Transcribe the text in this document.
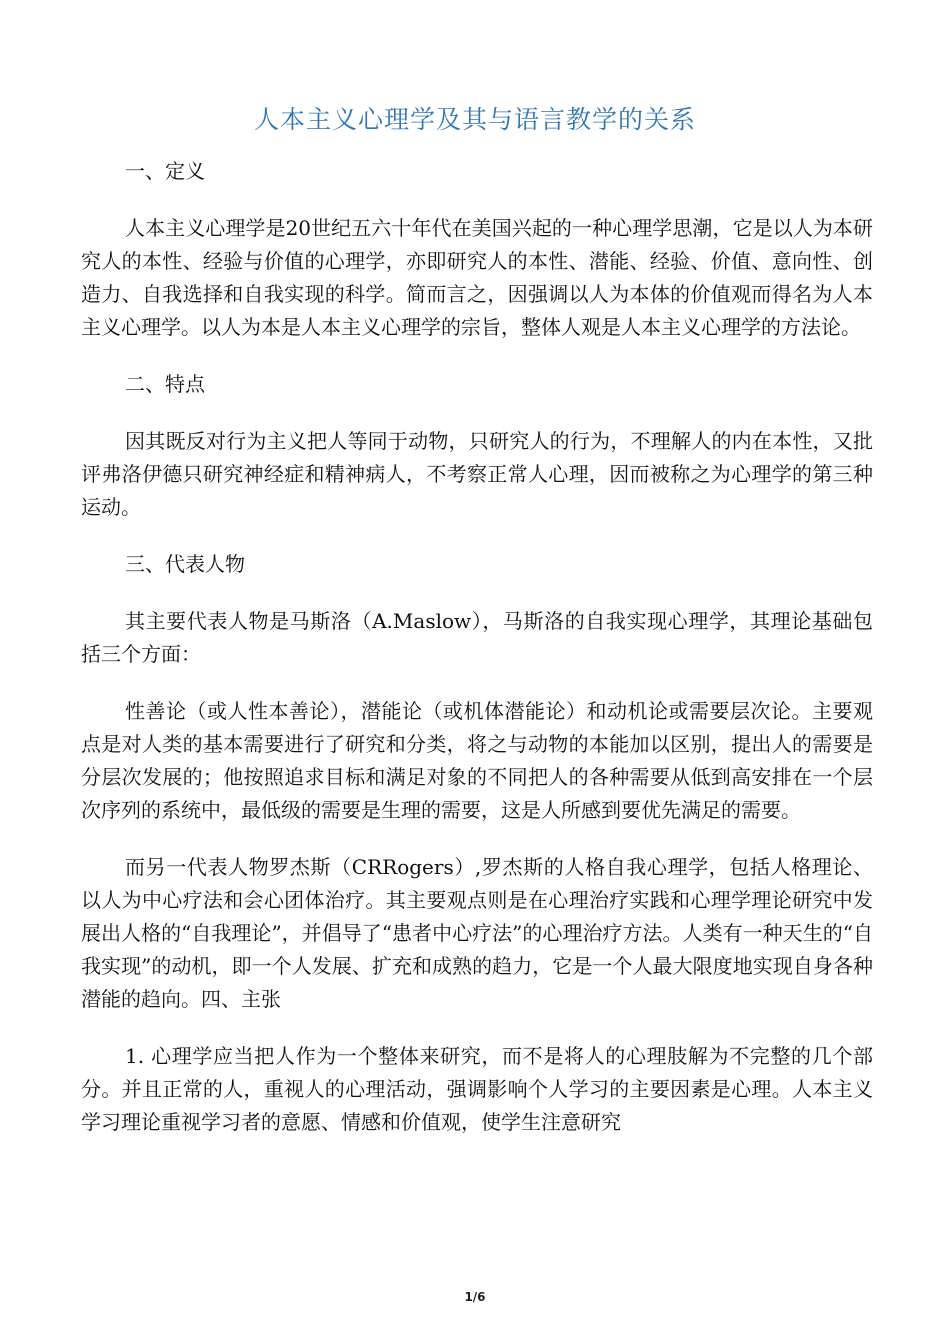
人本主义心理学及其与语言教学的关系

一、定义

人本主义心理学是20世纪五六十年代在美国兴起的一种心理学思潮，它是以人为本研究人的本性、经验与价值的心理学，亦即研究人的本性、潜能、经验、价值、意向性、创造力、自我选择和自我实现的科学。简而言之，因强调以人为本体的价值观而得名为人本主义心理学。以人为本是人本主义心理学的宗旨，整体人观是人本主义心理学的方法论。

二、特点

因其既反对行为主义把人等同于动物，只研究人的行为，不理解人的内在本性，又批评弗洛伊德只研究神经症和精神病人，不考察正常人心理，因而被称之为心理学的第三种运动。

三、代表人物

其主要代表人物是马斯洛（A.Maslow），马斯洛的自我实现心理学，其理论基础包括三个方面：

性善论（或人性本善论），潜能论（或机体潜能论）和动机论或需要层次论。主要观点是对人类的基本需要进行了研究和分类，将之与动物的本能加以区别，提出人的需要是分层次发展的；他按照追求目标和满足对象的不同把人的各种需要从低到高安排在一个层次序列的系统中，最低级的需要是生理的需要，这是人所感到要优先满足的需要。

而另一代表人物罗杰斯（CRRogers）,罗杰斯的人格自我心理学，包括人格理论、以人为中心疗法和会心团体治疗。其主要观点则是在心理治疗实践和心理学理论研究中发展出人格的“自我理论”，并倡导了“患者中心疗法”的心理治疗方法。人类有一种天生的“自我实现”的动机，即一个人发展、扩充和成熟的趋力，它是一个人最大限度地实现自身各种潜能的趋向。四、主张

1. 心理学应当把人作为一个整体来研究，而不是将人的心理肢解为不完整的几个部分。并且正常的人，重视人的心理活动，强调影响个人学习的主要因素是心理。人本主义学习理论重视学习者的意愿、情感和价值观，使学生注意研究

1/6
